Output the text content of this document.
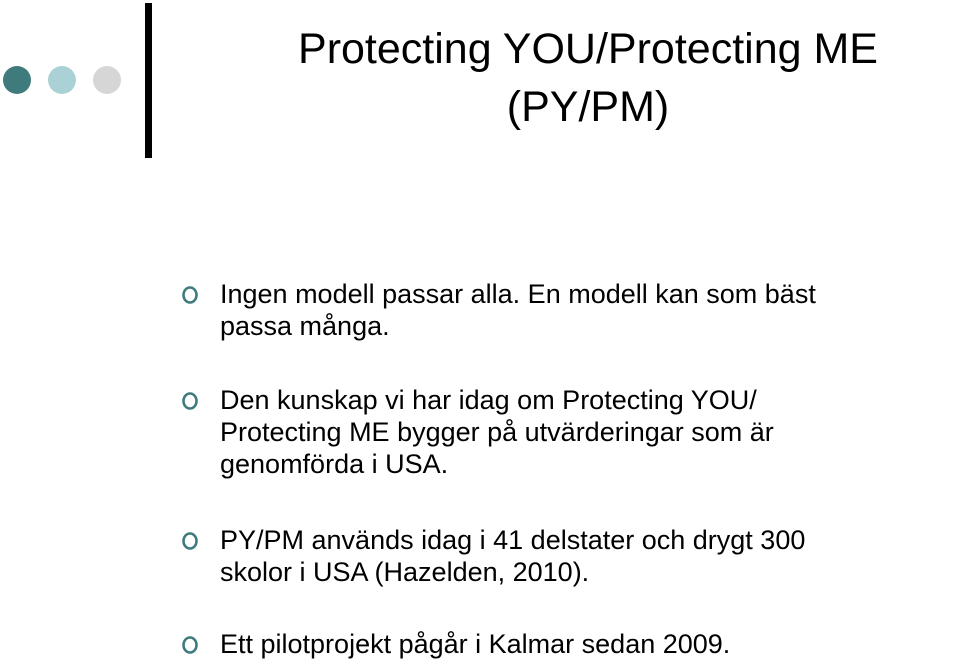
Protecting YOU/Protecting ME
(PY/PM)
Ingen modell passar alla. En modell kan som bäst
passa många.
Den kunskap vi har idag om Protecting YOU/
Protecting ME bygger på utvärderingar som är
genomförda i USA.
PY/PM används idag i 41 delstater och drygt 300
skolor i USA (Hazelden, 2010).
Ett pilotprojekt pågår i Kalmar sedan 2009.
